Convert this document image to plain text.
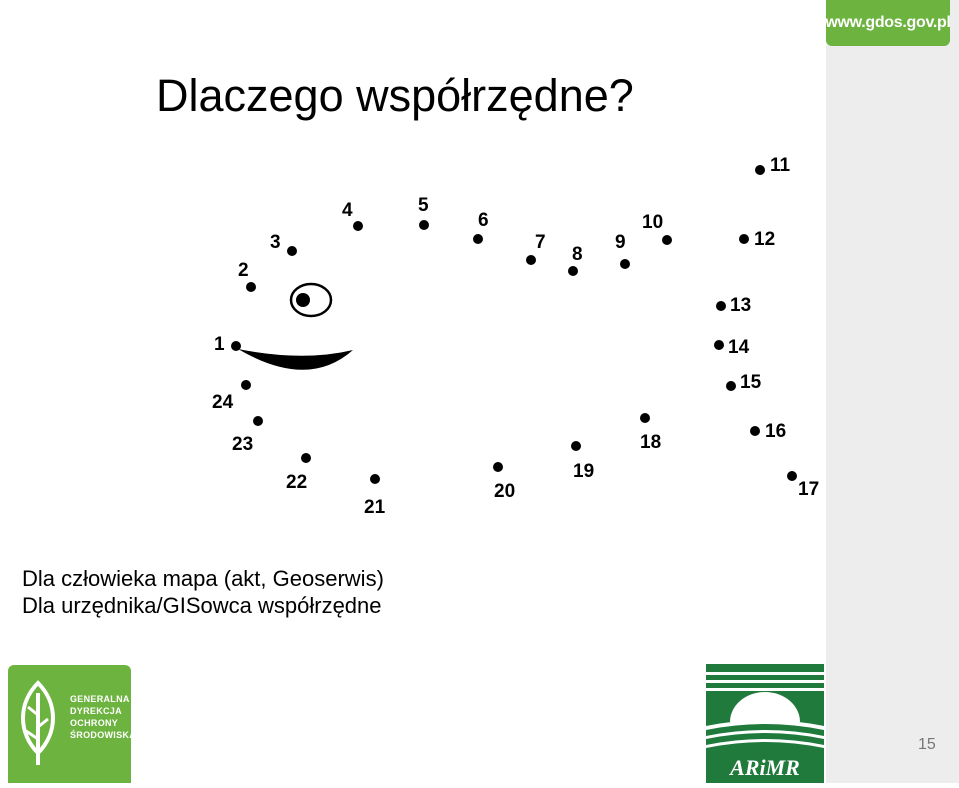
www.gdos.gov.pl
Dlaczego współrzędne?
1
2
3
4	5
6
7
8
9
10
11
12
13
14
15
16
17
18
19
20
21
22
23
24
Dla człowieka mapa (akt, Geoserwis)
Dla urzędnika/GISowca współrzędne
GENERALNA
DYREKCJA
OCHRONY
ŚRODOWISKA
ARiMR
15
